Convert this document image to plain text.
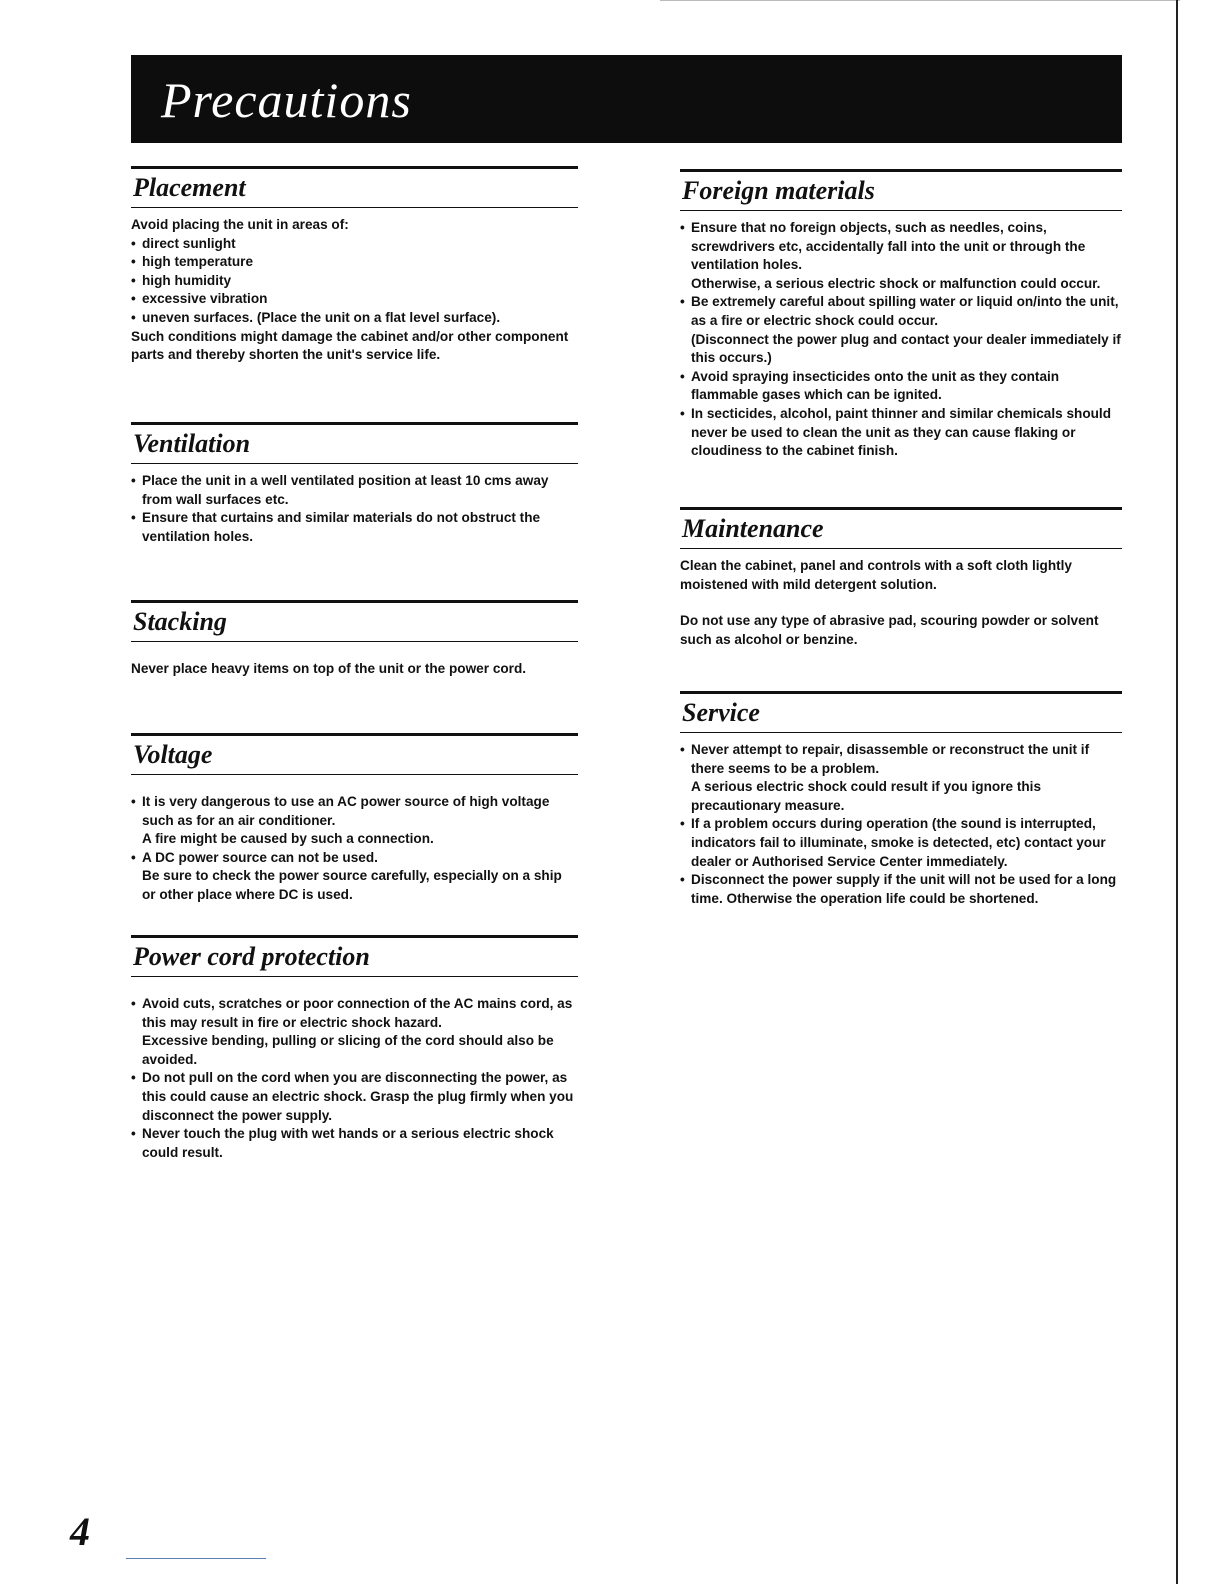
Precautions
Placement

Avoid placing the unit in areas of:

• direct sunlight

• high temperature

• high humidity

• excessive vibration

• uneven surfaces. (Place the unit on a flat level surface).

Such conditions might damage the cabinet and/or other component parts and thereby shorten the unit's service life.

Ventilation

• Place the unit in a well ventilated position at least 10 cms away from wall surfaces etc.

• Ensure that curtains and similar materials do not obstruct the ventilation holes.

Stacking

Never place heavy items on top of the unit or the power cord.

Voltage

• It is very dangerous to use an AC power source of high voltage such as for an air conditioner.

A fire might be caused by such a connection.

• A DC power source can not be used.

Be sure to check the power source carefully, especially on a ship or other place where DC is used.

Power cord protection

• Avoid cuts, scratches or poor connection of the AC mains cord, as this may result in fire or electric shock hazard.

Excessive bending, pulling or slicing of the cord should also be avoided.

• Do not pull on the cord when you are disconnecting the power, as this could cause an electric shock. Grasp the plug firmly when you disconnect the power supply.

• Never touch the plug with wet hands or a serious electric shock could result.

Foreign materials

• Ensure that no foreign objects, such as needles, coins, screwdrivers etc, accidentally fall into the unit or through the ventilation holes.

Otherwise, a serious electric shock or malfunction could occur.

• Be extremely careful about spilling water or liquid on/into the unit, as a fire or electric shock could occur.

(Disconnect the power plug and contact your dealer immediately if this occurs.)

• Avoid spraying insecticides onto the unit as they contain flammable gases which can be ignited.

• In secticides, alcohol, paint thinner and similar chemicals should never be used to clean the unit as they can cause flaking or cloudiness to the cabinet finish.

Maintenance

Clean the cabinet, panel and controls with a soft cloth lightly moistened with mild detergent solution.

Do not use any type of abrasive pad, scouring powder or solvent such as alcohol or benzine.

Service

• Never attempt to repair, disassemble or reconstruct the unit if there seems to be a problem.

A serious electric shock could result if you ignore this precautionary measure.

• If a problem occurs during operation (the sound is interrupted, indicators fail to illuminate, smoke is detected, etc) contact your dealer or Authorised Service Center immediately.

• Disconnect the power supply if the unit will not be used for a long time. Otherwise the operation life could be shortened.

4
